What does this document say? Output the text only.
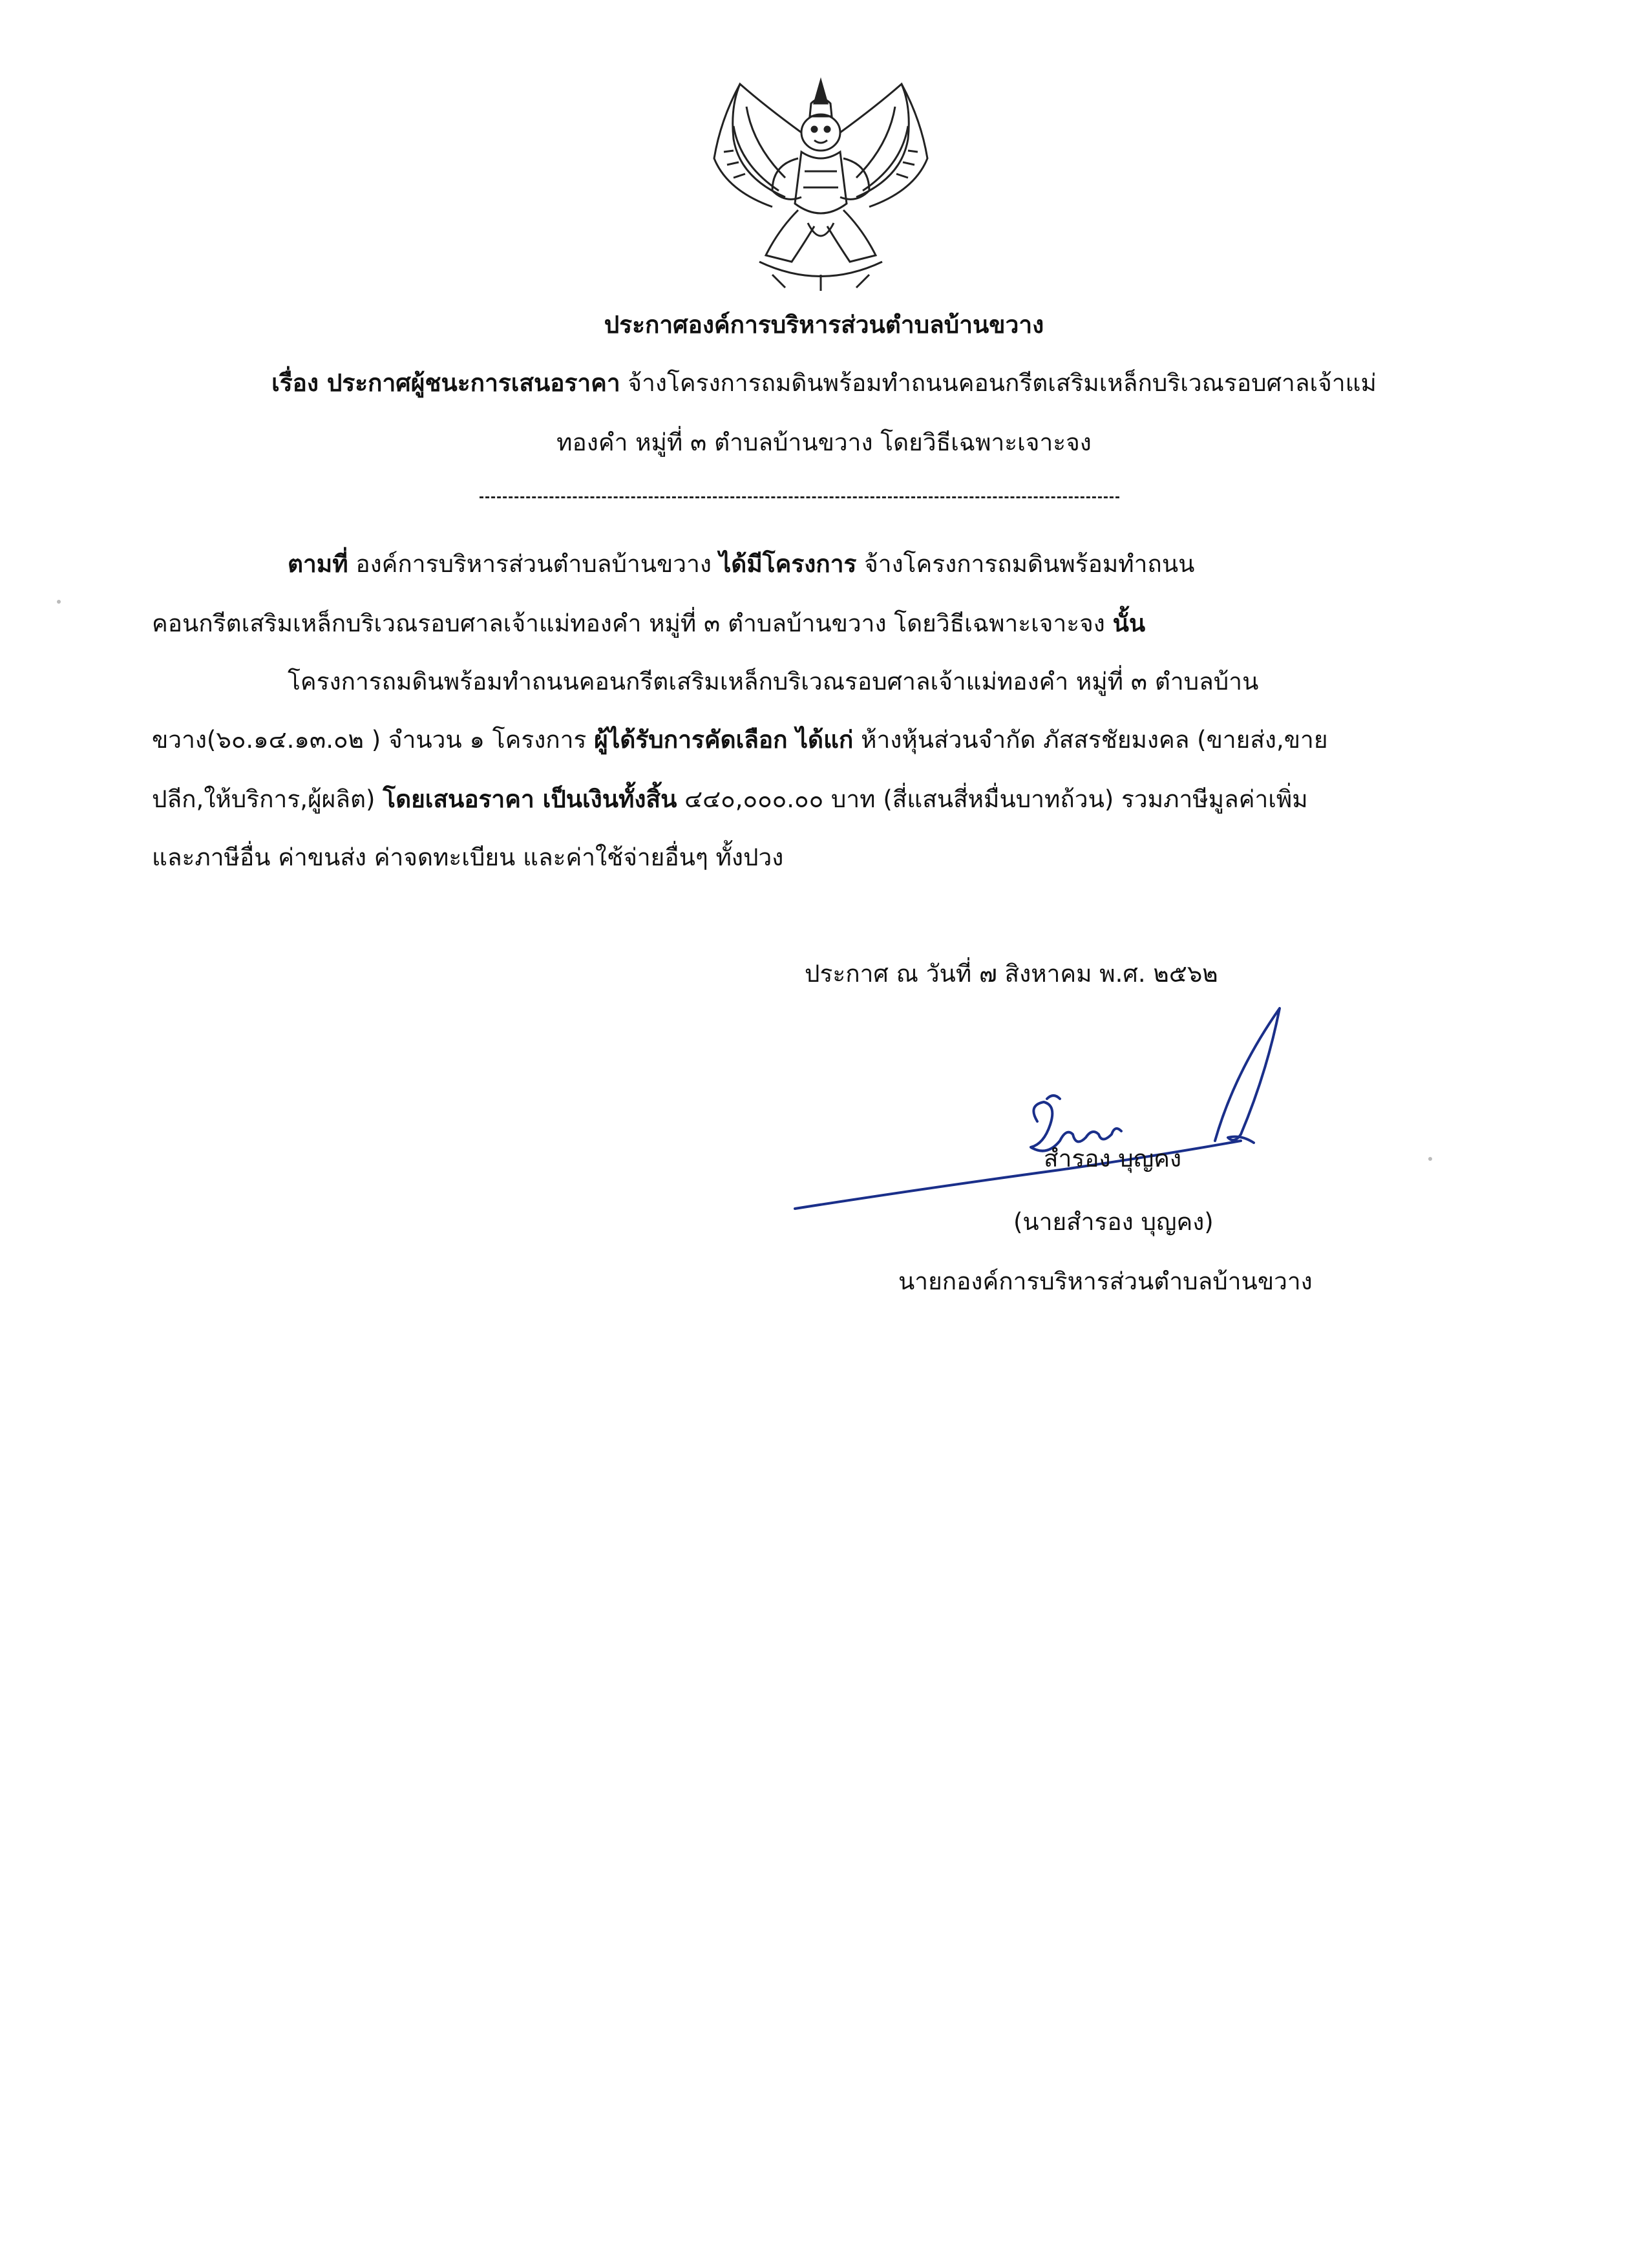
ประกาศองค์การบริหารส่วนตำบลบ้านขวาง
เรื่อง ประกาศผู้ชนะการเสนอราคา จ้างโครงการถมดินพร้อมทำถนนคอนกรีตเสริมเหล็กบริเวณรอบศาลเจ้าแม่
ทองคำ หมู่ที่ ๓ ตำบลบ้านขวาง โดยวิธีเฉพาะเจาะจง
ตามที่ องค์การบริหารส่วนตำบลบ้านขวาง ได้มีโครงการ จ้างโครงการถมดินพร้อมทำถนน
คอนกรีตเสริมเหล็กบริเวณรอบศาลเจ้าแม่ทองคำ หมู่ที่ ๓ ตำบลบ้านขวาง โดยวิธีเฉพาะเจาะจง นั้น
โครงการถมดินพร้อมทำถนนคอนกรีตเสริมเหล็กบริเวณรอบศาลเจ้าแม่ทองคำ หมู่ที่ ๓ ตำบลบ้าน
ขวาง(๖๐.๑๔.๑๓.๐๒ ) จำนวน ๑ โครงการ ผู้ได้รับการคัดเลือก ได้แก่ ห้างหุ้นส่วนจำกัด ภัสสรชัยมงคล (ขายส่ง,ขาย
ปลีก,ให้บริการ,ผู้ผลิต) โดยเสนอราคา เป็นเงินทั้งสิ้น ๔๔๐,๐๐๐.๐๐ บาท (สี่แสนสี่หมื่นบาทถ้วน) รวมภาษีมูลค่าเพิ่ม
และภาษีอื่น ค่าขนส่ง ค่าจดทะเบียน และค่าใช้จ่ายอื่นๆ ทั้งปวง
ประกาศ ณ วันที่ ๗ สิงหาคม พ.ศ. ๒๕๖๒
สำรอง บุญคง
(นายสำรอง บุญคง)
นายกองค์การบริหารส่วนตำบลบ้านขวาง
